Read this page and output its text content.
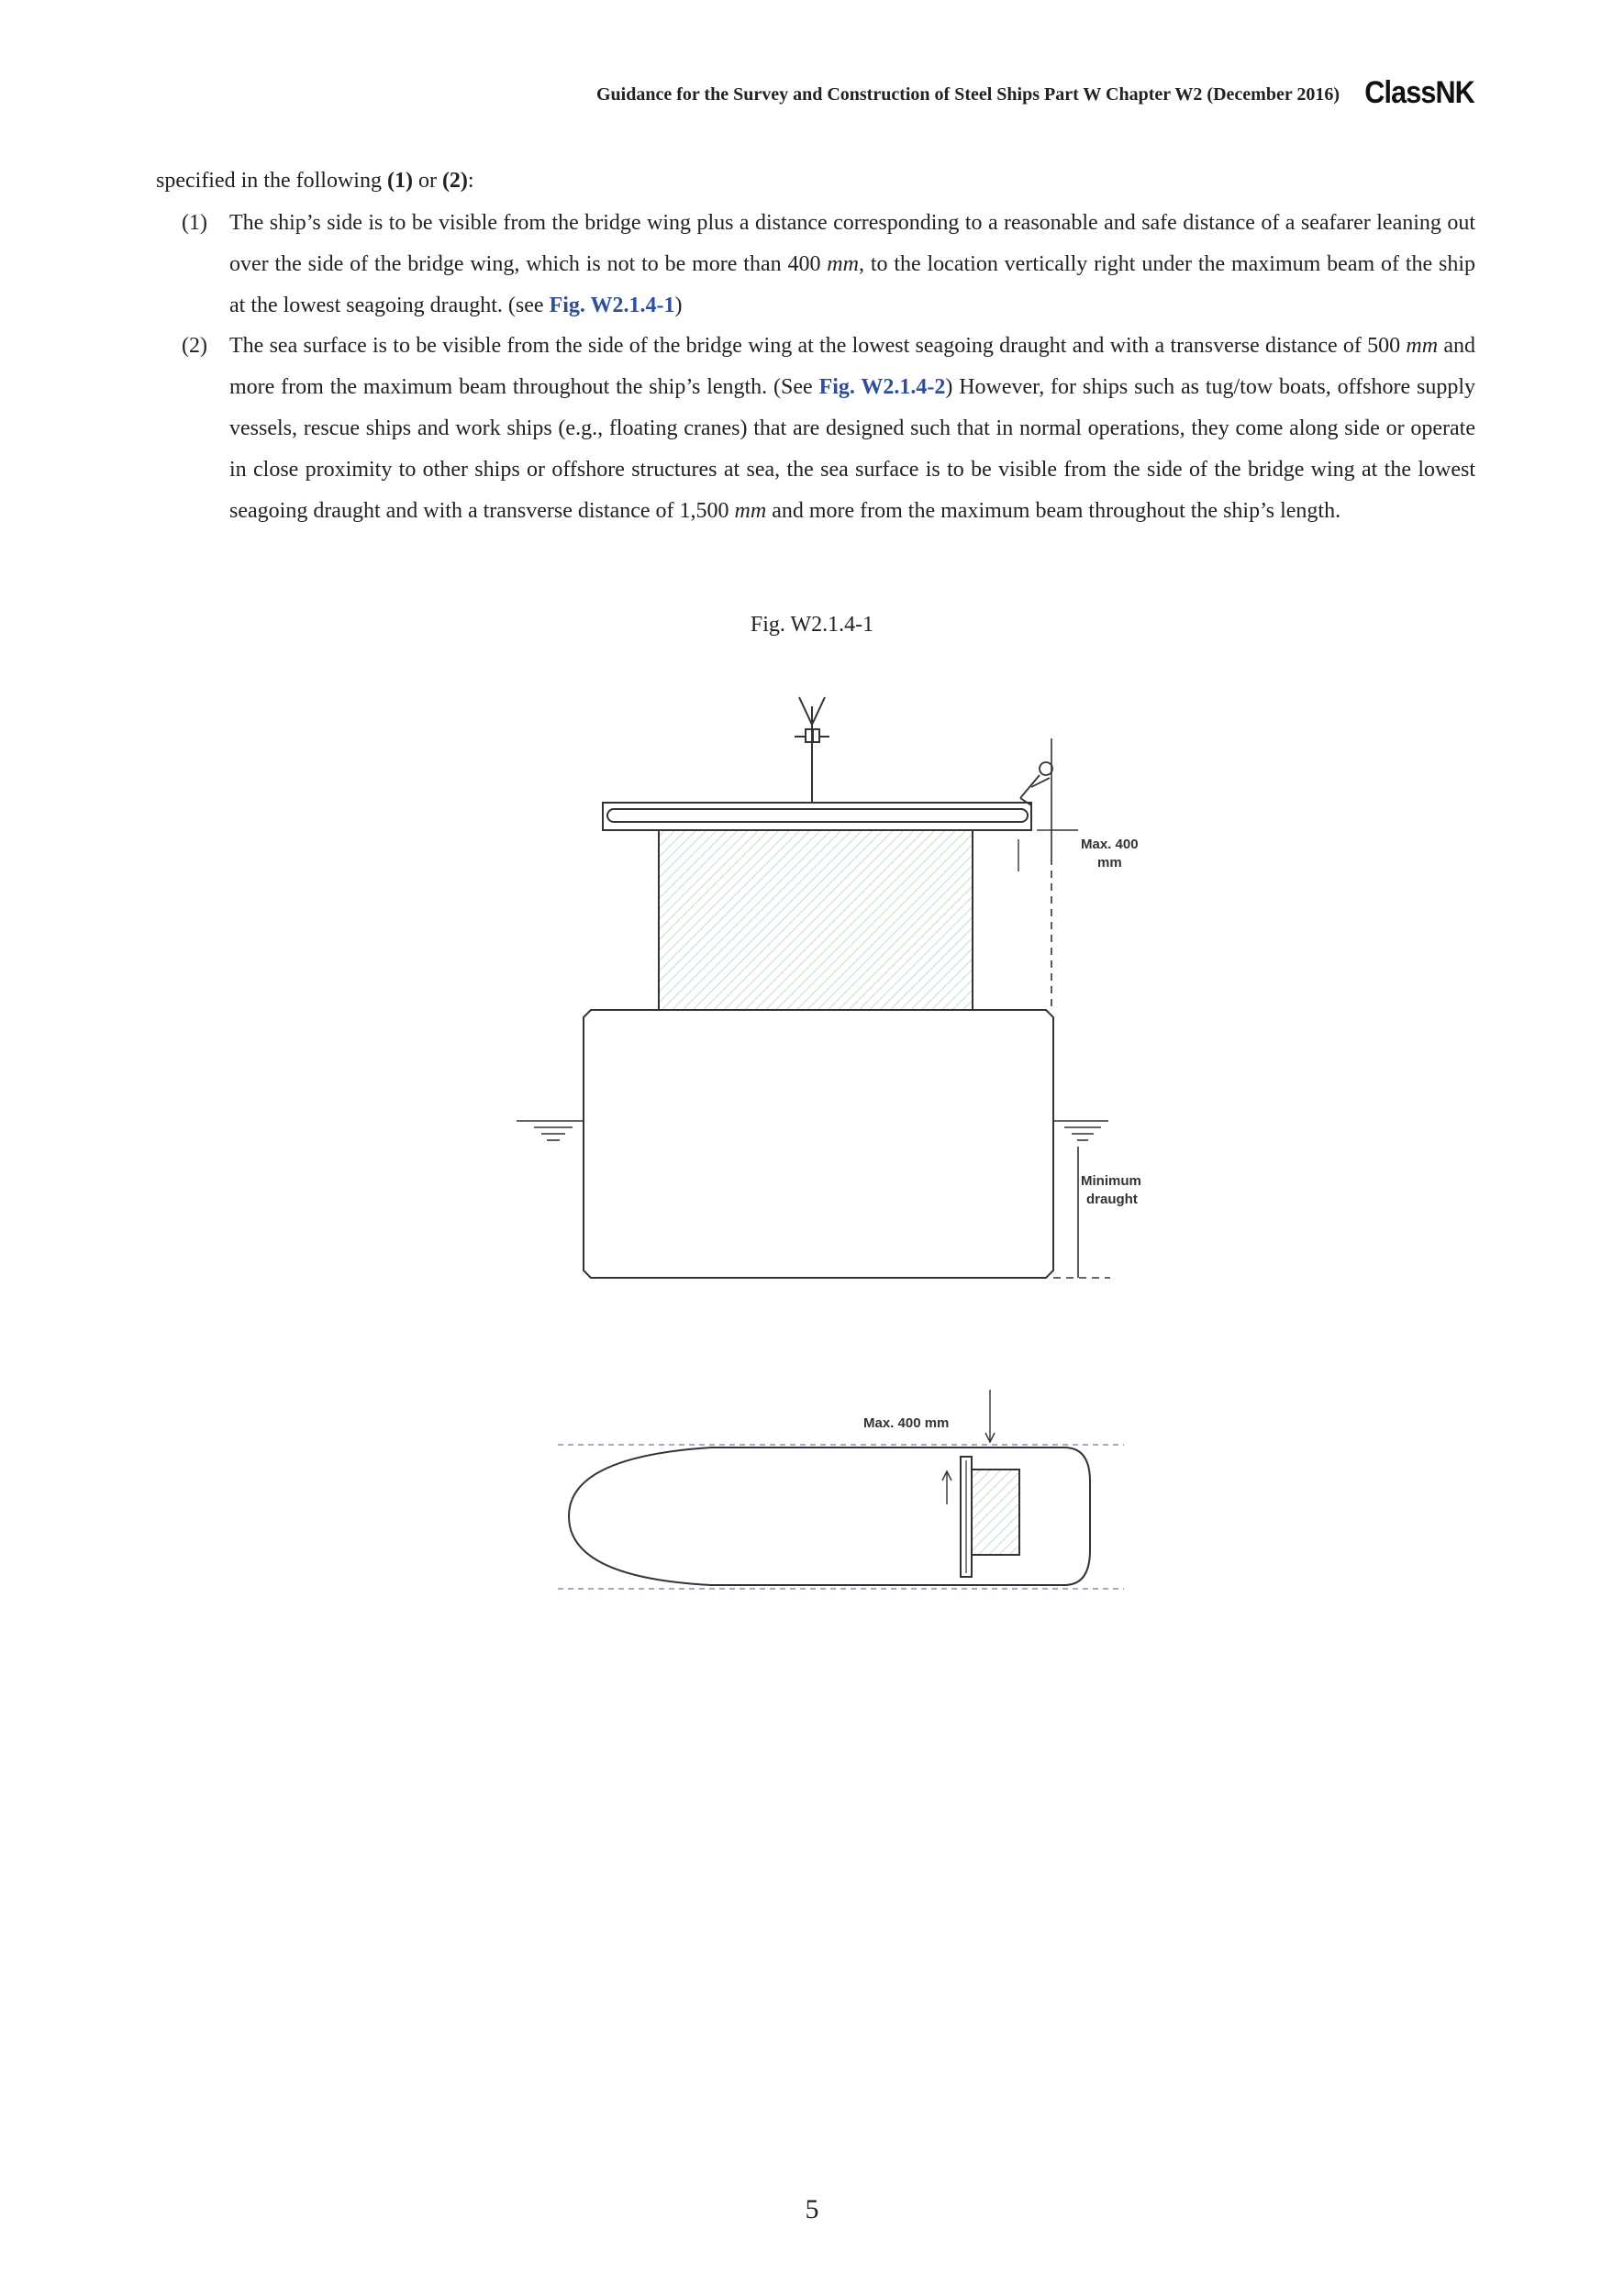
Guidance for the Survey and Construction of Steel Ships Part W Chapter W2 (December 2016) ClassNK
specified in the following (1) or (2):
(1) The ship’s side is to be visible from the bridge wing plus a distance corresponding to a reasonable and safe distance of a seafarer leaning out over the side of the bridge wing, which is not to be more than 400 mm, to the location vertically right under the maximum beam of the ship at the lowest seagoing draught. (see Fig. W2.1.4-1)
(2) The sea surface is to be visible from the side of the bridge wing at the lowest seagoing draught and with a transverse distance of 500 mm and more from the maximum beam throughout the ship’s length. (See Fig. W2.1.4-2) However, for ships such as tug/tow boats, offshore supply vessels, rescue ships and work ships (e.g., floating cranes) that are designed such that in normal operations, they come along side or operate in close proximity to other ships or offshore structures at sea, the sea surface is to be visible from the side of the bridge wing at the lowest seagoing draught and with a transverse distance of 1,500 mm and more from the maximum beam throughout the ship’s length.
Fig. W2.1.4-1
Max. 400
mm
Minimum
draught
Max. 400 mm
5
